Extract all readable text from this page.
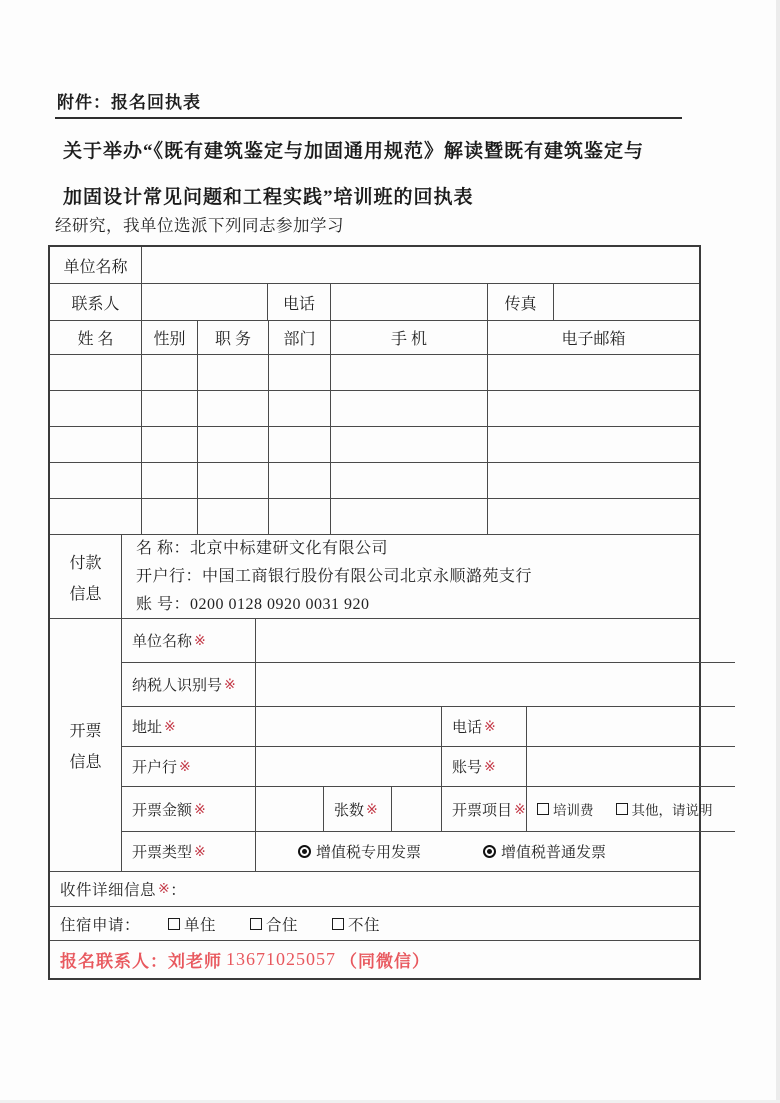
附件：报名回执表
关于举办“《既有建筑鉴定与加固通用规范》解读暨既有建筑鉴定与
加固设计常见问题和工程实践”培训班的回执表
经研究，我单位选派下列同志参加学习
单位名称
联系人	电话	传真
姓 名	性别	职 务	部门	手 机	电子邮箱
付款
信息
名 称：北京中标建研文化有限公司
开户行：中国工商银行股份有限公司北京永顺潞苑支行
账 号：0200 0128 0920 0031 920
开票
信息
单位名称 ※
纳税人识别号 ※
地址 ※	电话 ※
开户行 ※	账号 ※
开票金额 ※	张数 ※	开票项目 ※ 培训费	其他，请说明
开票类型 ※	增值税专用发票	增值税普通发票
收件详细信息 ※ ：
住宿申请：	单住	合住	不住
报名联系人：刘老师 13671025057 （同微信）
